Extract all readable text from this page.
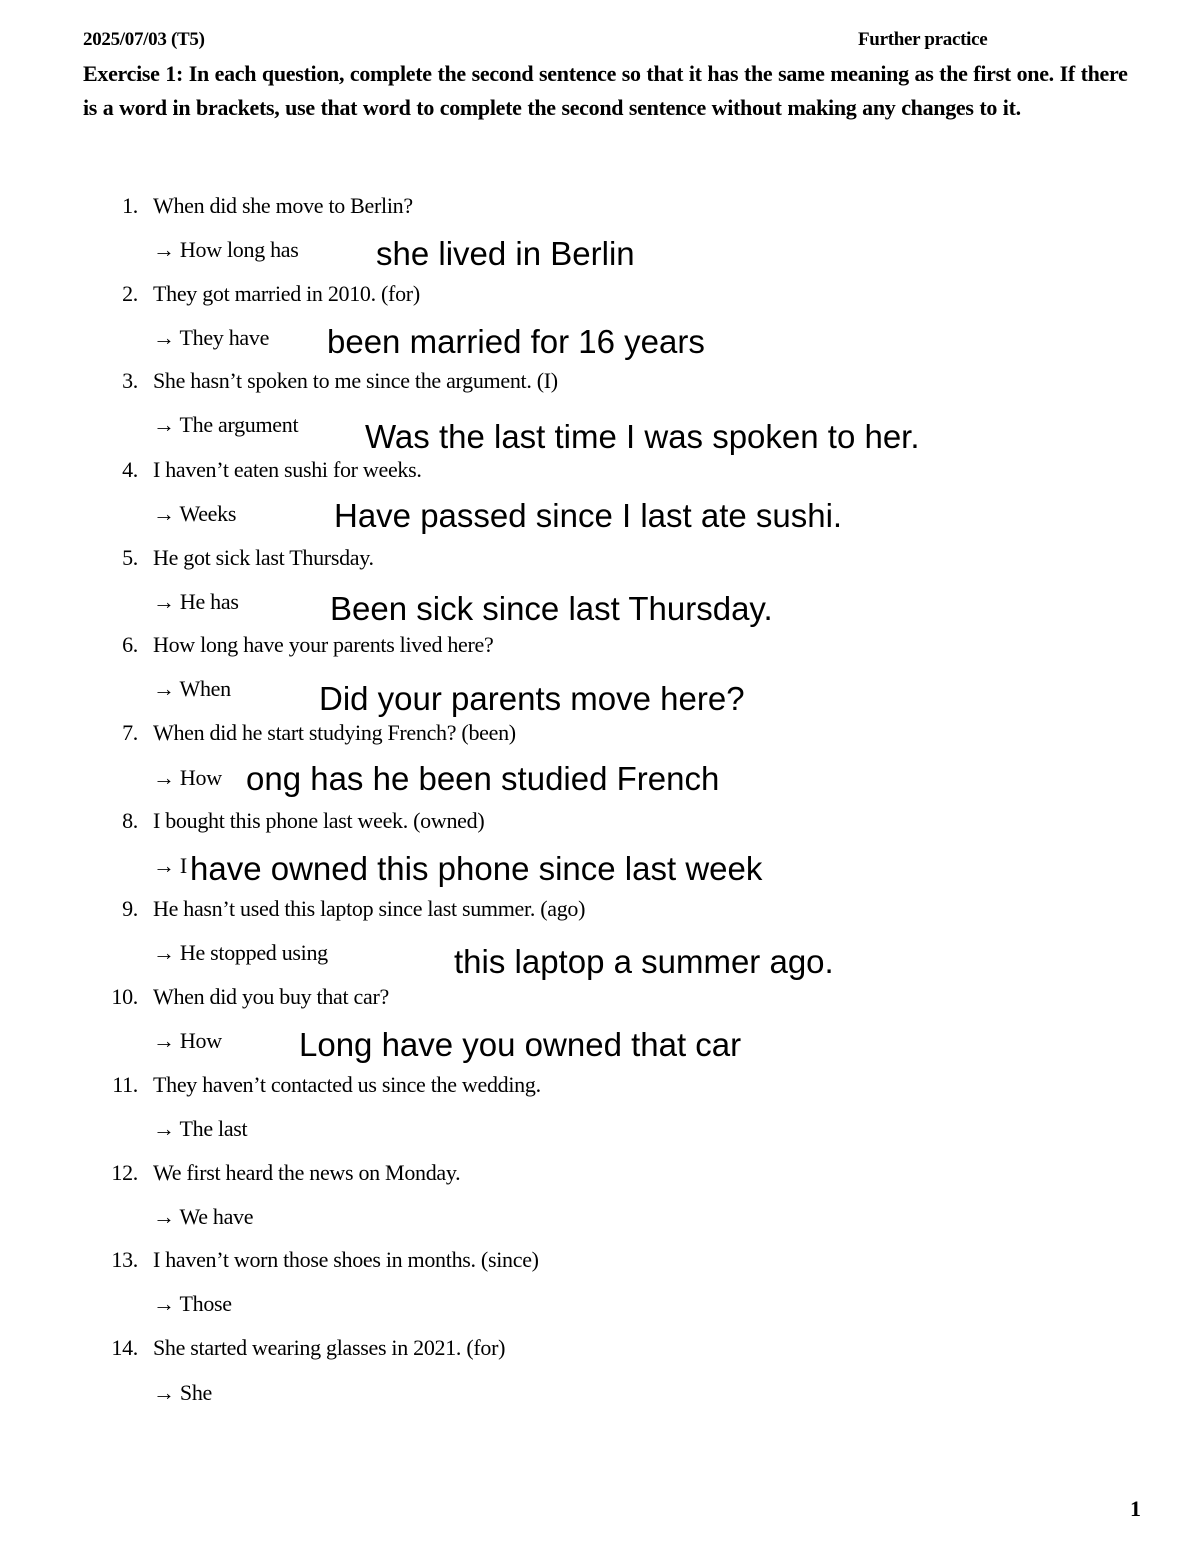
2025/07/03 (T5)	Further practice
Exercise 1: In each question, complete the second sentence so that it has the same meaning as the first one. If there is a word in brackets, use that word to complete the second sentence without making any changes to it.
1. When did she move to Berlin?
→ How long has she lived in Berlin
2. They got married in 2010. (for)
→ They have been married for 16 years
3. She hasn’t spoken to me since the argument. (I)
→ The argument Was the last time I was spoken to her.
4. I haven’t eaten sushi for weeks.
→ Weeks	Have passed since I last ate sushi.
5. He got sick last Thursday.
→ He has	Been sick since last Thursday.
6. How long have your parents lived here?
→ When	Did your parents move here?
7. When did he start studying French? (been)
→ How ong has he been studied French
8. I bought this phone last week. (owned)
→ I have owned this phone since last week
9. He hasn’t used this laptop since last summer. (ago)
→ He stopped using	this laptop a summer ago.
10. When did you buy that car?
→ How Long have you owned that car
11. They haven’t contacted us since the wedding.
→ The last
12. We first heard the news on Monday.
→ We have
13. I haven’t worn those shoes in months. (since)
→ Those
14. She started wearing glasses in 2021. (for)
→ She
1
